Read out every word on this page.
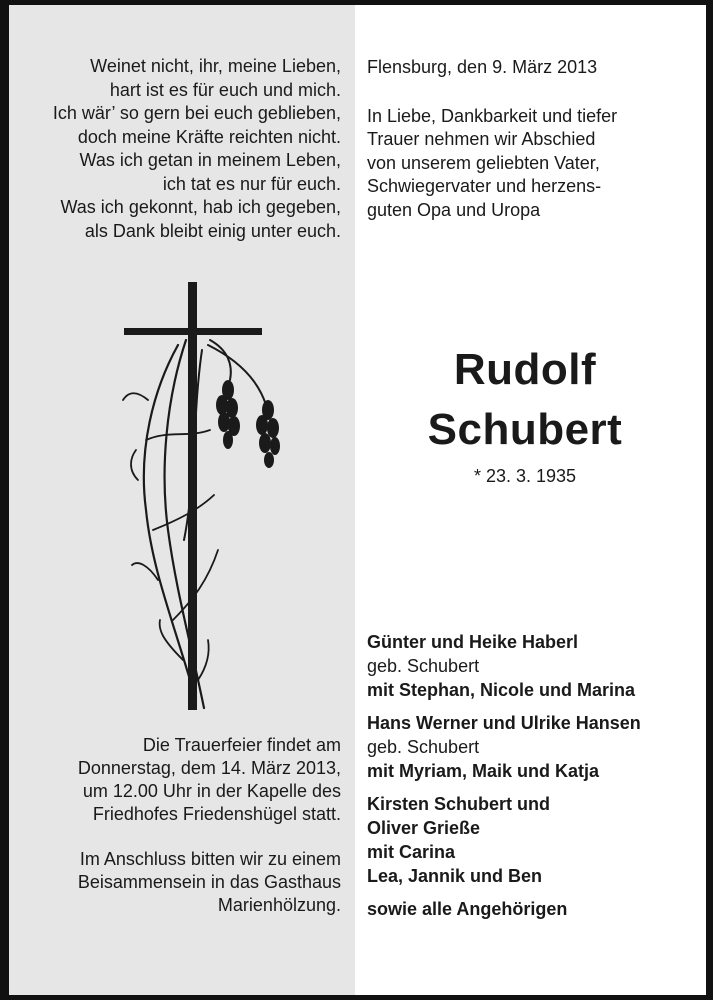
Weinet nicht, ihr, meine Lieben,
hart ist es für euch und mich.
Ich wär’ so gern bei euch geblieben,
doch meine Kräfte reichten nicht.
Was ich getan in meinem Leben,
ich tat es nur für euch.
Was ich gekonnt, hab ich gegeben,
als Dank bleibt einig unter euch.
Die Trauerfeier findet am
Donnerstag, dem 14. März 2013,
um 12.00 Uhr in der Kapelle des
Friedhofes Friedenshügel statt.
Im Anschluss bitten wir zu einem
Beisammensein in das Gasthaus
Marienhölzung.
Flensburg, den 9. März 2013
In Liebe, Dankbarkeit und tiefer
Trauer nehmen wir Abschied
von unserem geliebten Vater,
Schwiegervater und herzens-
guten Opa und Uropa
Rudolf
Schubert
* 23. 3. 1935
Günter und Heike Haberl
geb. Schubert
mit Stephan, Nicole und Marina
Hans Werner und Ulrike Hansen
geb. Schubert
mit Myriam, Maik und Katja
Kirsten Schubert und
Oliver Grieße
mit Carina
Lea, Jannik und Ben
sowie alle Angehörigen
